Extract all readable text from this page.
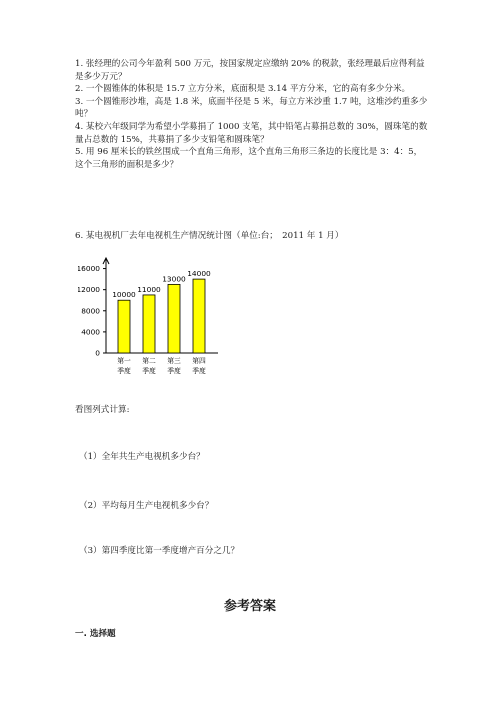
1. 张经理的公司今年盈利 500 万元，按国家规定应缴纳 20% 的税款，张经理最后应得利益是多少万元？

2. 一个圆锥体的体积是 15.7 立方分米，底面积是 3.14 平方分米，它的高有多少分米。

3. 一个圆锥形沙堆，高是 1.8 米，底面半径是 5 米，每立方米沙重 1.7 吨，这堆沙约重多少吨？

4. 某校六年级同学为希望小学募捐了 1000 支笔，其中铅笔占募捐总数的 30%，圆珠笔的数量占总数的 15%，共募捐了多少支铅笔和圆珠笔？

5. 用 96 厘米长的铁丝围成一个直角三角形，这个直角三角形三条边的长度比是 3：4：5，这个三角形的面积是多少？

6. 某电视机厂去年电视机生产情况统计图（单位:台；　2011 年 1 月）
0
4000
8000
12000
16000
10000
第一
季度
11000
第二
季度
13000
第三
季度
14000
第四
季度
看图列式计算:
（1）全年共生产电视机多少台？
（2）平均每月生产电视机多少台？
（3）第四季度比第一季度增产百分之几？
参考答案
一. 选择题
